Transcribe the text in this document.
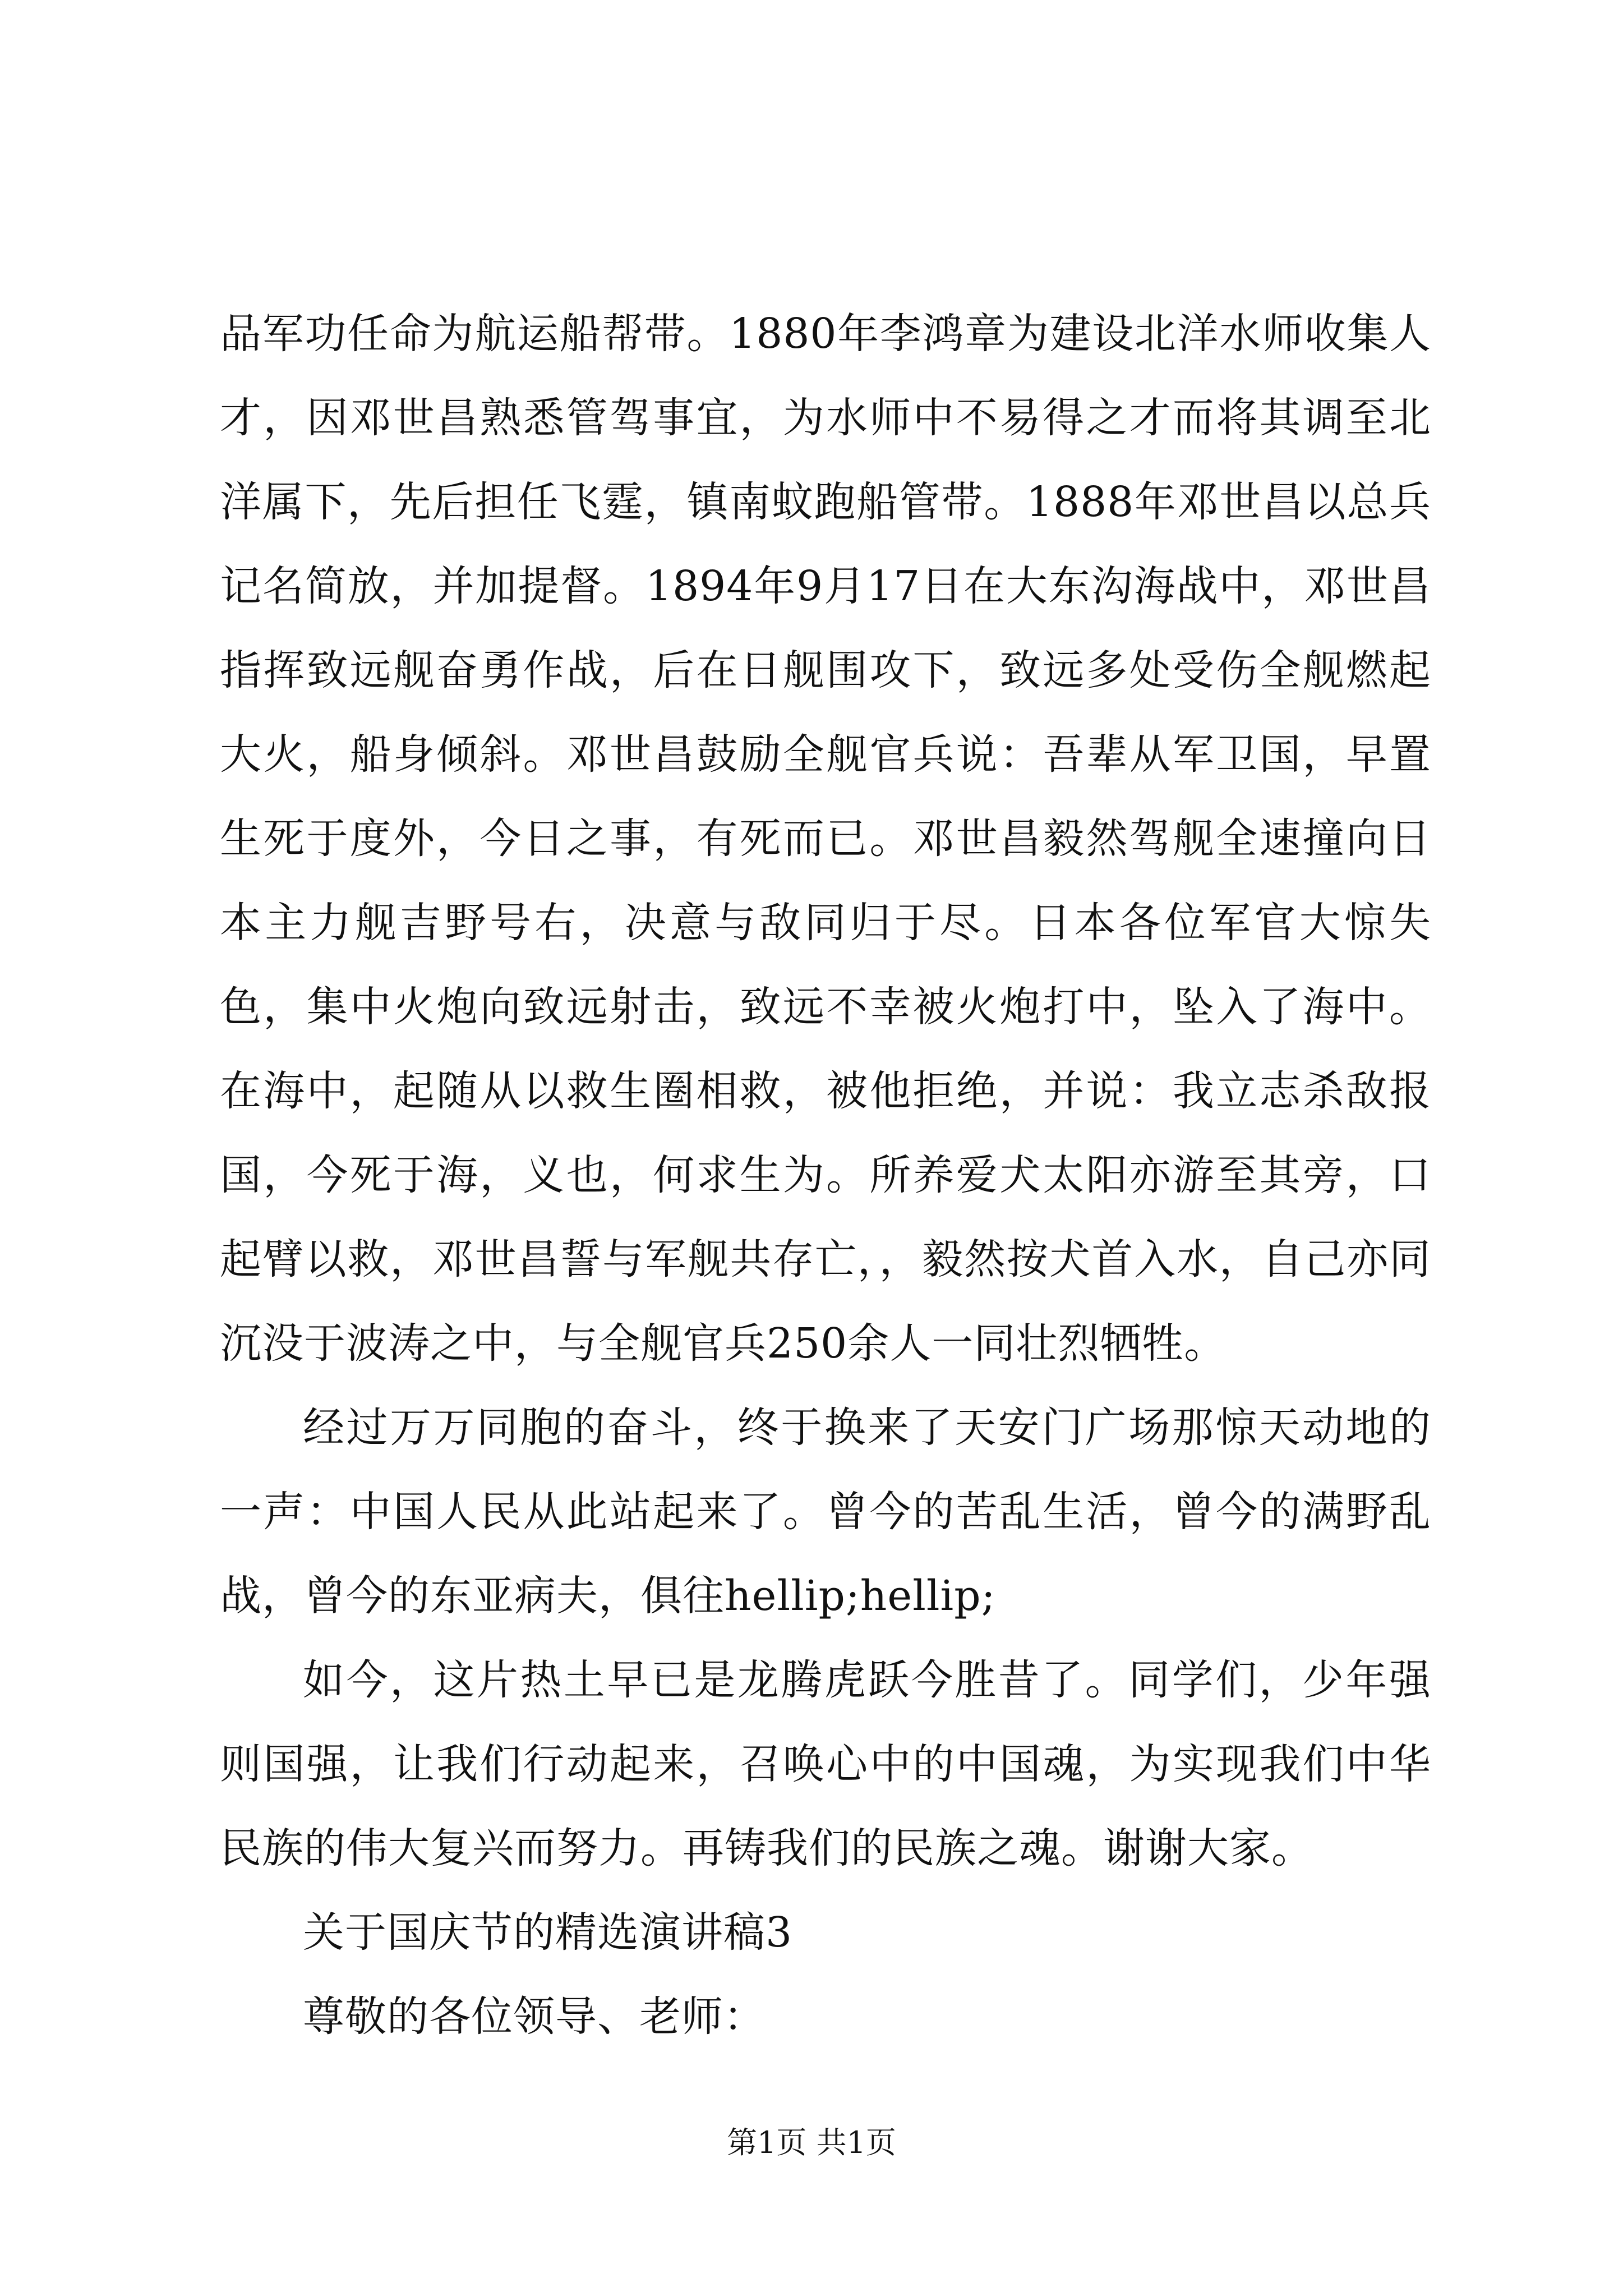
品军功任命为航运船帮带。1880年李鸿章为建设北洋水师收集人才，因邓世昌熟悉管驾事宜，为水师中不易得之才而将其调至北洋属下，先后担任飞霆，镇南蚊跑船管带。1888年邓世昌以总兵记名简放，并加提督。1894年9月17日在大东沟海战中，邓世昌指挥致远舰奋勇作战，后在日舰围攻下，致远多处受伤全舰燃起大火，船身倾斜。邓世昌鼓励全舰官兵说：吾辈从军卫国，早置生死于度外，今日之事，有死而已。邓世昌毅然驾舰全速撞向日本主力舰吉野号右，决意与敌同归于尽。日本各位军官大惊失色，集中火炮向致远射击，致远不幸被火炮打中，坠入了海中。在海中，起随从以救生圈相救，被他拒绝，并说：我立志杀敌报国，今死于海，义也，何求生为。所养爱犬太阳亦游至其旁，口起臂以救，邓世昌誓与军舰共存亡，，毅然按犬首入水，自己亦同沉没于波涛之中，与全舰官兵250余人一同壮烈牺牲。

经过万万同胞的奋斗，终于换来了天安门广场那惊天动地的一声：中国人民从此站起来了。曾今的苦乱生活，曾今的满野乱战，曾今的东亚病夫，俱往hellip;hellip;

如今，这片热土早已是龙腾虎跃今胜昔了。同学们，少年强则国强，让我们行动起来，召唤心中的中国魂，为实现我们中华民族的伟大复兴而努力。再铸我们的民族之魂。谢谢大家。

关于国庆节的精选演讲稿3

尊敬的各位领导、老师：

第1页 共1页
